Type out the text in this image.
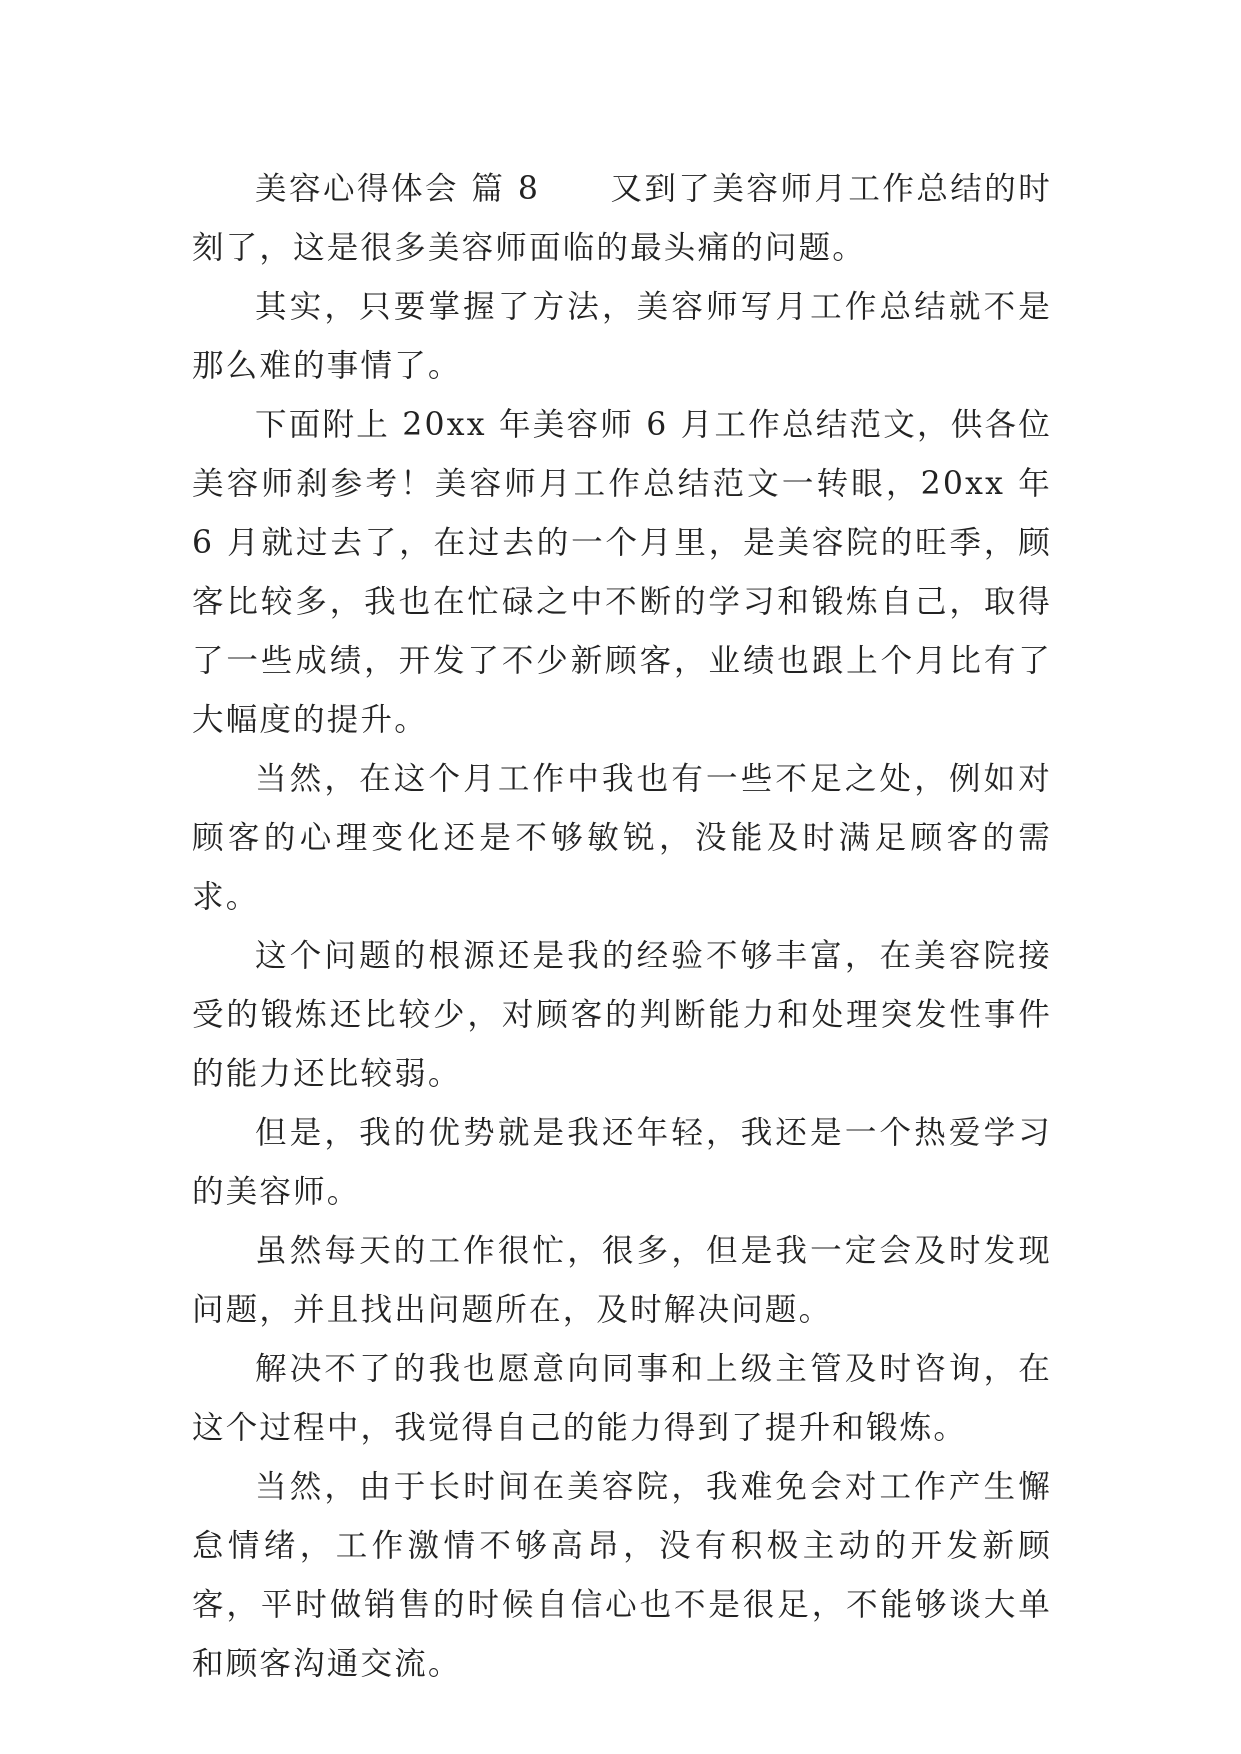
美容心得体会 篇 8 又到了美容师月工作总结的时刻了，这是很多美容师面临的最头痛的问题。

其实，只要掌握了方法，美容师写月工作总结就不是那么难的事情了。

下面附上 20xx 年美容师 6 月工作总结范文，供各位美容师刹参考！美容师月工作总结范文一转眼，20xx 年 6 月就过去了，在过去的一个月里，是美容院的旺季，顾客比较多，我也在忙碌之中不断的学习和锻炼自己，取得了一些成绩，开发了不少新顾客，业绩也跟上个月比有了大幅度的提升。

当然，在这个月工作中我也有一些不足之处，例如对顾客的心理变化还是不够敏锐，没能及时满足顾客的需求。

这个问题的根源还是我的经验不够丰富，在美容院接受的锻炼还比较少，对顾客的判断能力和处理突发性事件的能力还比较弱。

但是，我的优势就是我还年轻，我还是一个热爱学习的美容师。

虽然每天的工作很忙，很多，但是我一定会及时发现问题，并且找出问题所在，及时解决问题。

解决不了的我也愿意向同事和上级主管及时咨询，在这个过程中，我觉得自己的能力得到了提升和锻炼。

当然，由于长时间在美容院，我难免会对工作产生懈怠情绪，工作激情不够高昂，没有积极主动的开发新顾客，平时做销售的时候自信心也不是很足，不能够谈大单和顾客沟通交流。
